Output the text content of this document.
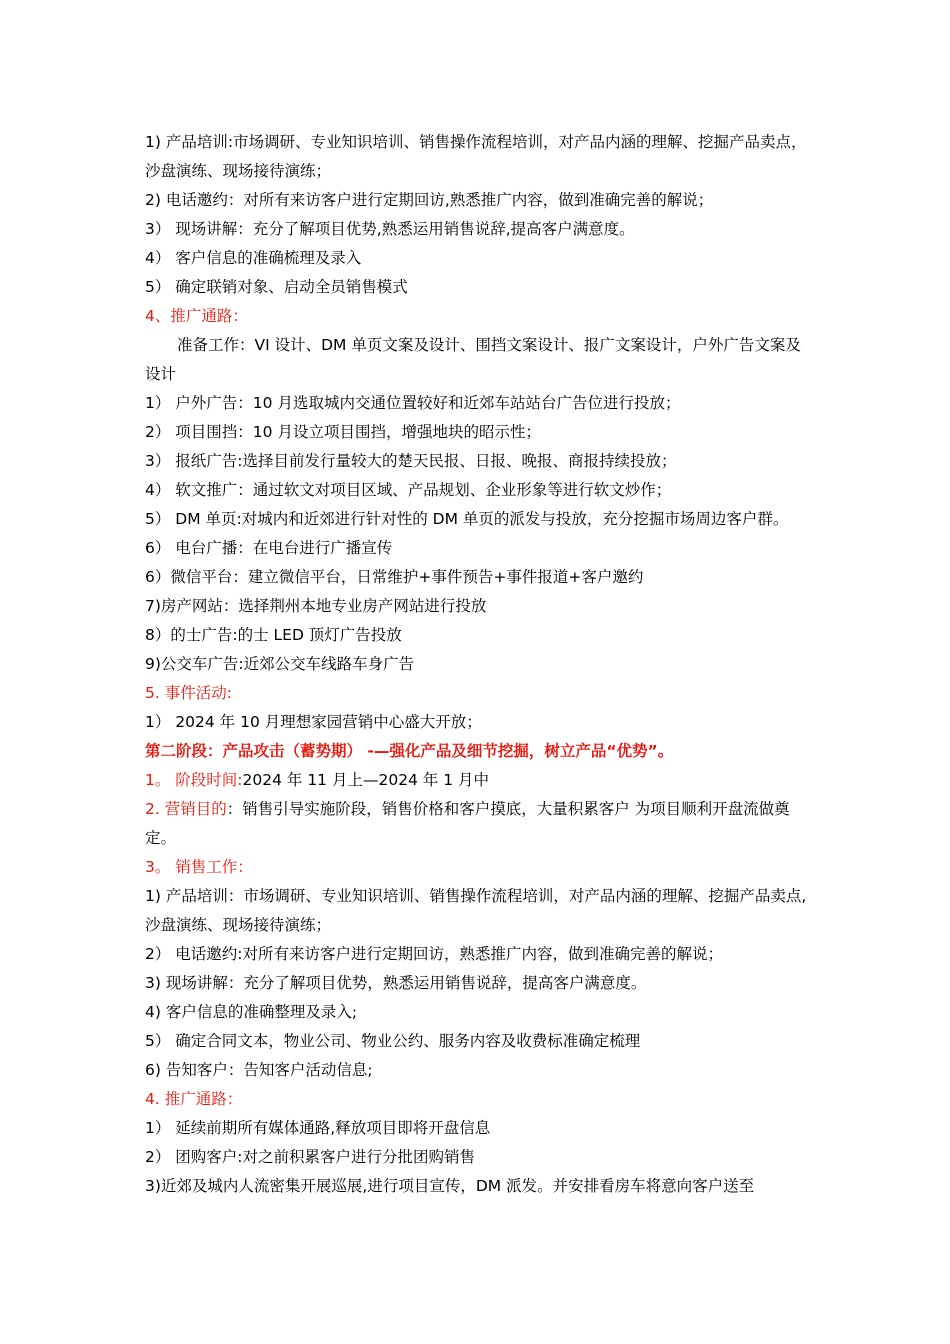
1) 产品培训:市场调研、专业知识培训、销售操作流程培训，对产品内涵的理解、挖掘产品卖点，沙盘演练、现场接待演练；

2) 电话邀约：对所有来访客户进行定期回访,熟悉推广内容，做到准确完善的解说；

3） 现场讲解：充分了解项目优势,熟悉运用销售说辞,提高客户满意度。

4） 客户信息的准确梳理及录入

5） 确定联销对象、启动全员销售模式

4、推广通路：

准备工作：VI 设计、DM 单页文案及设计、围挡文案设计、报广文案设计，户外广告文案及设计

1） 户外广告：10 月选取城内交通位置较好和近郊车站站台广告位进行投放；

2） 项目围挡：10 月设立项目围挡，增强地块的昭示性；

3） 报纸广告:选择目前发行量较大的楚天民报、日报、晚报、商报持续投放；

4） 软文推广：通过软文对项目区域、产品规划、企业形象等进行软文炒作；

5） DM 单页:对城内和近郊进行针对性的 DM 单页的派发与投放，充分挖掘市场周边客户群。

6） 电台广播：在电台进行广播宣传

6）微信平台：建立微信平台，日常维护+事件预告+事件报道+客户邀约

7)房产网站：选择荆州本地专业房产网站进行投放

8）的士广告:的士 LED 顶灯广告投放

9)公交车广告:近郊公交车线路车身广告

5. 事件活动:

1） 2024 年 10 月理想家园营销中心盛大开放；

第二阶段：产品攻击（蓄势期） -—强化产品及细节挖掘，树立产品“优势”。

1。 阶段时间:2024 年 11 月上—2024 年 1 月中

2. 营销目的：销售引导实施阶段，销售价格和客户摸底，大量积累客户 为项目顺利开盘流做奠定。

3。 销售工作：

1) 产品培训：市场调研、专业知识培训、销售操作流程培训，对产品内涵的理解、挖掘产品卖点,沙盘演练、现场接待演练；

2） 电话邀约:对所有来访客户进行定期回访，熟悉推广内容，做到准确完善的解说；

3) 现场讲解：充分了解项目优势，熟悉运用销售说辞，提高客户满意度。

4) 客户信息的准确整理及录入;

5） 确定合同文本，物业公司、物业公约、服务内容及收费标准确定梳理

6) 告知客户：告知客户活动信息;

4. 推广通路：

1） 延续前期所有媒体通路,释放项目即将开盘信息

2） 团购客户:对之前积累客户进行分批团购销售

3)近郊及城内人流密集开展巡展,进行项目宣传，DM 派发。并安排看房车将意向客户送至
